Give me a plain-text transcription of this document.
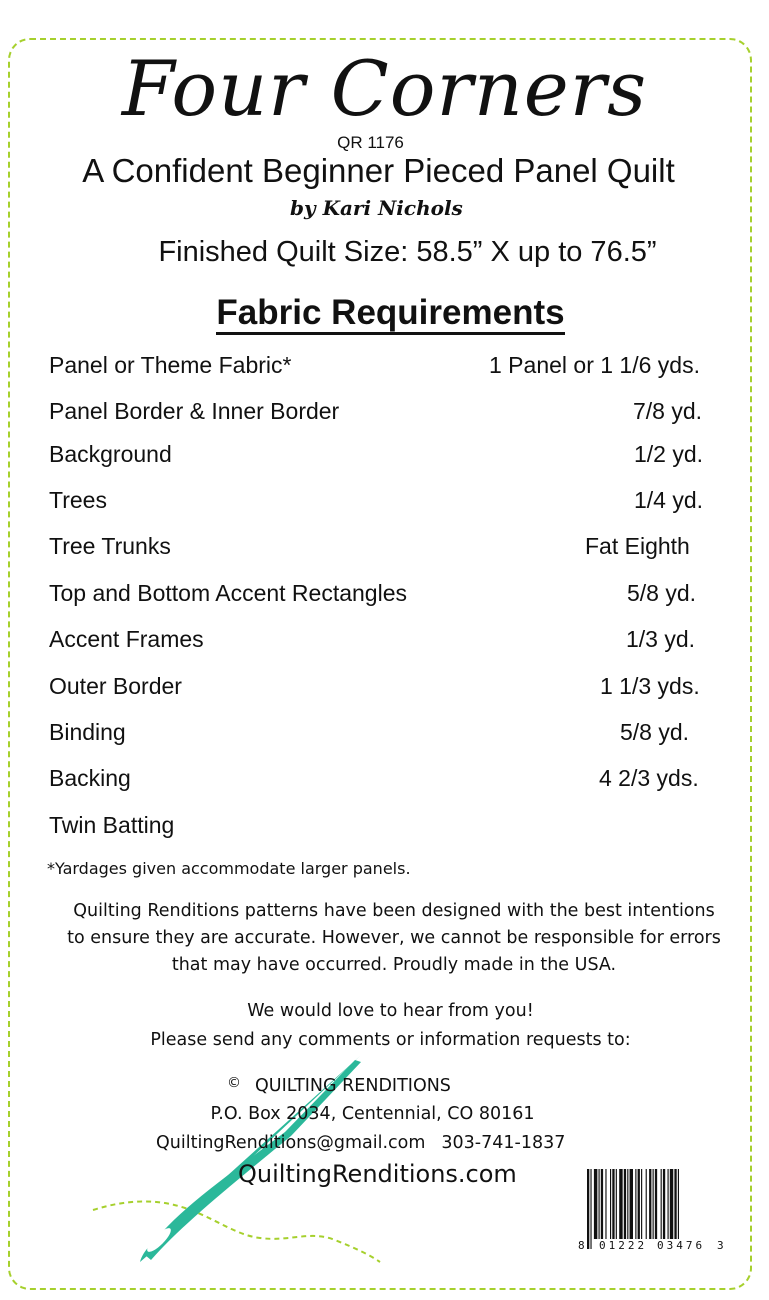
Four Corners
QR 1176
A Confident Beginner Pieced Panel Quilt
by Kari Nichols
Finished Quilt Size: 58.5” X up to 76.5”
Fabric Requirements
Panel or Theme Fabric*	1 Panel or 1 1/6 yds.
Panel Border & Inner Border	7/8 yd.
Background	1/2 yd.
Trees	1/4 yd.
Tree Trunks	Fat Eighth
Top and Bottom Accent Rectangles	5/8 yd.
Accent Frames	1/3 yd.
Outer Border	1 1/3 yds.
Binding	5/8 yd.
Backing	4 2/3 yds.
Twin Batting
*Yardages given accommodate larger panels.
Quilting Renditions patterns have been designed with the best intentions
to ensure they are accurate. However, we cannot be responsible for errors
that may have occurred. Proudly made in the USA.
We would love to hear from you!
Please send any comments or information requests to:
© QUILTING RENDITIONS
P.O. Box 2034, Centennial, CO 80161
QuiltingRenditions@gmail.com 303-741-1837
QuiltingRenditions.com
8 01222 03476 3
